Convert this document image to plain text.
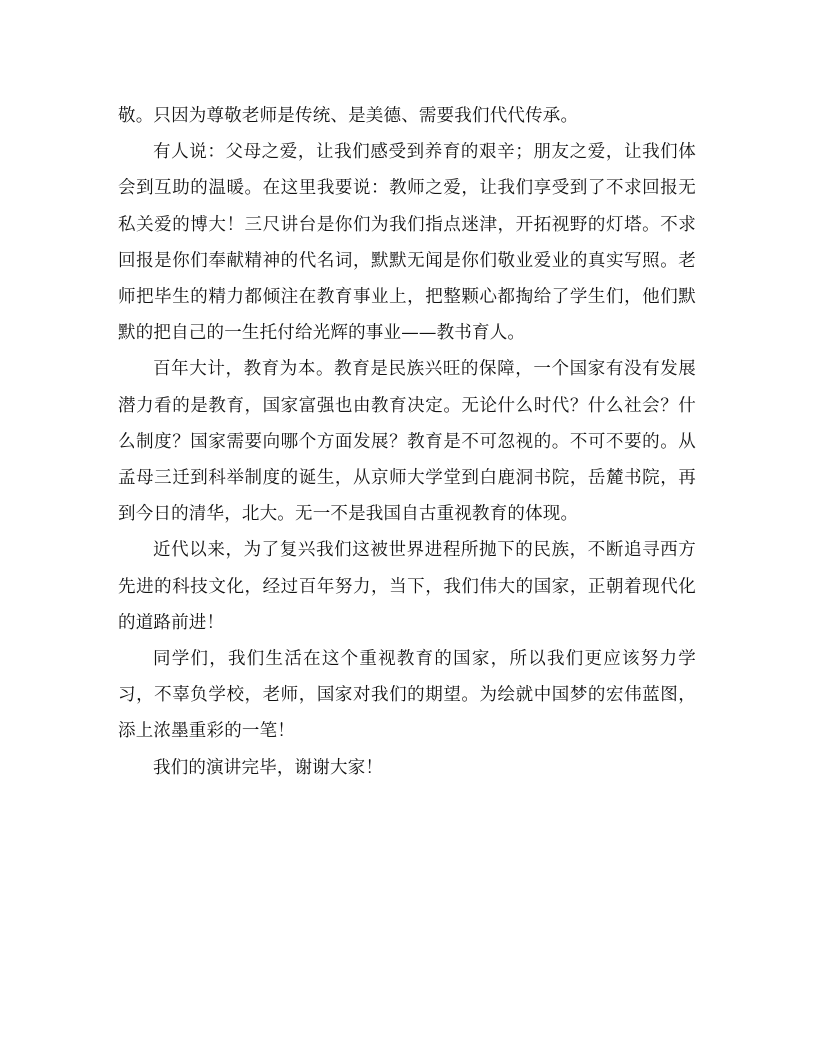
敬。只因为尊敬老师是传统、是美德、需要我们代代传承。

有人说：父母之爱，让我们感受到养育的艰辛；朋友之爱，让我们体会到互助的温暖。在这里我要说：教师之爱，让我们享受到了不求回报无私关爱的博大！三尺讲台是你们为我们指点迷津，开拓视野的灯塔。不求回报是你们奉献精神的代名词，默默无闻是你们敬业爱业的真实写照。老师把毕生的精力都倾注在教育事业上，把整颗心都掏给了学生们，他们默默的把自己的一生托付给光辉的事业——教书育人。

百年大计，教育为本。教育是民族兴旺的保障，一个国家有没有发展潜力看的是教育，国家富强也由教育决定。无论什么时代？什么社会？什么制度？国家需要向哪个方面发展？教育是不可忽视的。不可不要的。从孟母三迁到科举制度的诞生，从京师大学堂到白鹿洞书院，岳麓书院，再到今日的清华，北大。无一不是我国自古重视教育的体现。

近代以来，为了复兴我们这被世界进程所抛下的民族，不断追寻西方先进的科技文化，经过百年努力，当下，我们伟大的国家，正朝着现代化的道路前进！

同学们，我们生活在这个重视教育的国家，所以我们更应该努力学习，不辜负学校，老师，国家对我们的期望。为绘就中国梦的宏伟蓝图，添上浓墨重彩的一笔！

我们的演讲完毕，谢谢大家！
